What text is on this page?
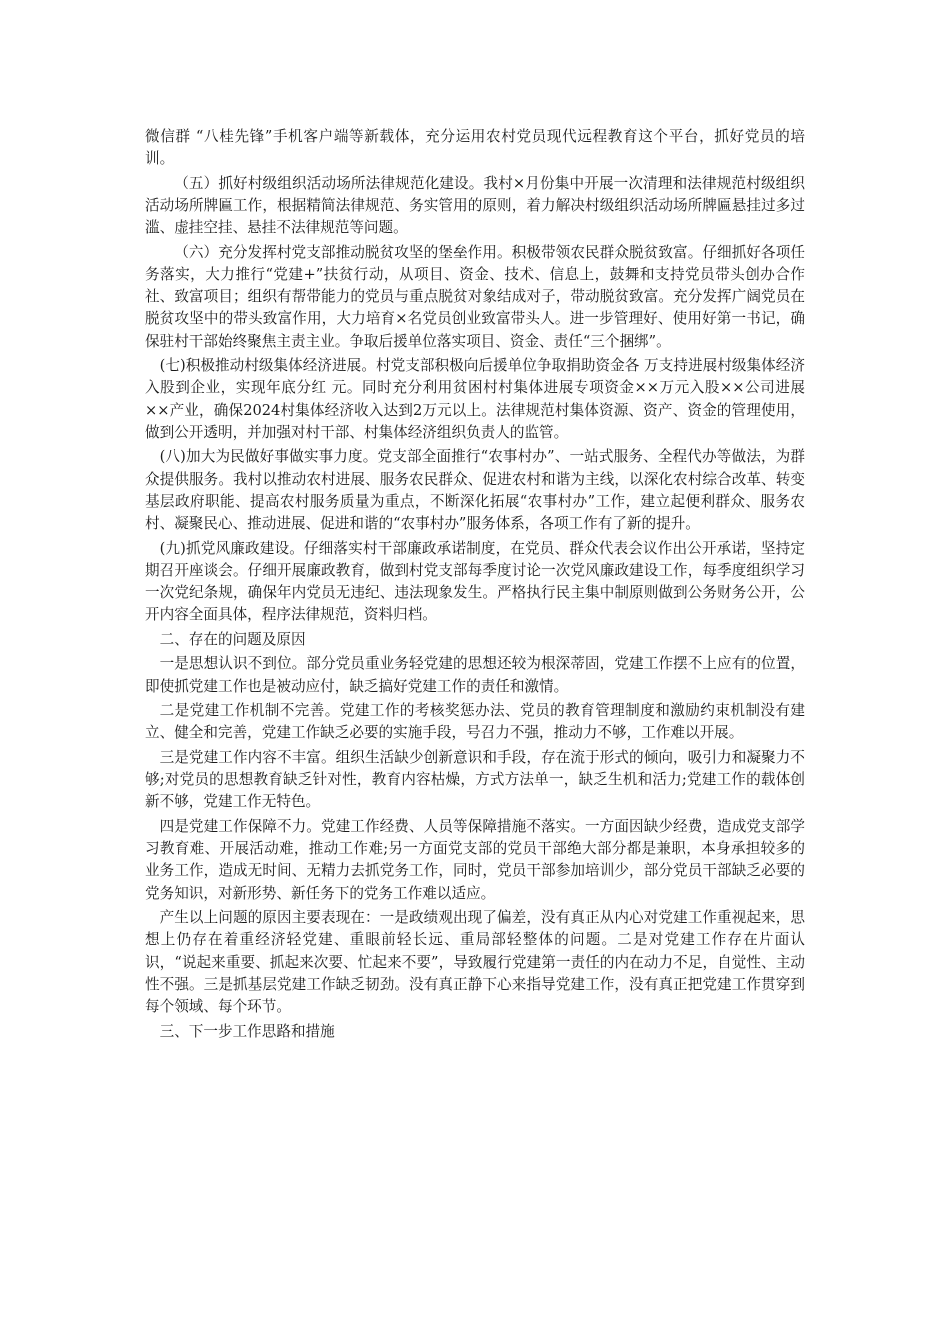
微信群 “八桂先锋”手机客户端等新载体，充分运用农村党员现代远程教育这个平台，抓好党员的培训。

（五）抓好村级组织活动场所法律规范化建设。我村×月份集中开展一次清理和法律规范村级组织活动场所牌匾工作，根据精简法律规范、务实管用的原则，着力解决村级组织活动场所牌匾悬挂过多过滥、虚挂空挂、悬挂不法律规范等问题。

（六）充分发挥村党支部推动脱贫攻坚的堡垒作用。积极带领农民群众脱贫致富。仔细抓好各项任务落实，大力推行“党建+”扶贫行动，从项目、资金、技术、信息上，鼓舞和支持党员带头创办合作社、致富项目；组织有帮带能力的党员与重点脱贫对象结成对子，带动脱贫致富。充分发挥广阔党员在脱贫攻坚中的带头致富作用，大力培育×名党员创业致富带头人。进一步管理好、使用好第一书记，确保驻村干部始终聚焦主责主业。争取后援单位落实项目、资金、责任“三个捆绑”。

(七)积极推动村级集体经济进展。村党支部积极向后援单位争取捐助资金各 万支持进展村级集体经济入股到企业，实现年底分红 元。同时充分利用贫困村村集体进展专项资金××万元入股××公司进展××产业，确保2024村集体经济收入达到2万元以上。法律规范村集体资源、资产、资金的管理使用，做到公开透明，并加强对村干部、村集体经济组织负责人的监管。

(八)加大为民做好事做实事力度。党支部全面推行“农事村办”、一站式服务、全程代办等做法，为群众提供服务。我村以推动农村进展、服务农民群众、促进农村和谐为主线，以深化农村综合改革、转变基层政府职能、提高农村服务质量为重点，不断深化拓展“农事村办”工作，建立起便利群众、服务农村、凝聚民心、推动进展、促进和谐的“农事村办”服务体系，各项工作有了新的提升。

(九)抓党风廉政建设。仔细落实村干部廉政承诺制度，在党员、群众代表会议作出公开承诺，坚持定期召开座谈会。仔细开展廉政教育，做到村党支部每季度讨论一次党风廉政建设工作，每季度组织学习一次党纪条规，确保年内党员无违纪、违法现象发生。严格执行民主集中制原则做到公务财务公开，公开内容全面具体，程序法律规范，资料归档。

二、存在的问题及原因

一是思想认识不到位。部分党员重业务轻党建的思想还较为根深蒂固，党建工作摆不上应有的位置，即使抓党建工作也是被动应付，缺乏搞好党建工作的责任和激情。

二是党建工作机制不完善。党建工作的考核奖惩办法、党员的教育管理制度和激励约束机制没有建立、健全和完善，党建工作缺乏必要的实施手段，号召力不强，推动力不够，工作难以开展。

三是党建工作内容不丰富。组织生活缺少创新意识和手段，存在流于形式的倾向，吸引力和凝聚力不够;对党员的思想教育缺乏针对性，教育内容枯燥，方式方法单一，缺乏生机和活力;党建工作的载体创新不够，党建工作无特色。

四是党建工作保障不力。党建工作经费、人员等保障措施不落实。一方面因缺少经费，造成党支部学习教育难、开展活动难，推动工作难;另一方面党支部的党员干部绝大部分都是兼职，本身承担较多的业务工作，造成无时间、无精力去抓党务工作，同时，党员干部参加培训少，部分党员干部缺乏必要的党务知识，对新形势、新任务下的党务工作难以适应。

产生以上问题的原因主要表现在：一是政绩观出现了偏差，没有真正从内心对党建工作重视起来，思想上仍存在着重经济轻党建、重眼前轻长远、重局部轻整体的问题。二是对党建工作存在片面认识，“说起来重要、抓起来次要、忙起来不要”，导致履行党建第一责任的内在动力不足，自觉性、主动性不强。三是抓基层党建工作缺乏韧劲。没有真正静下心来指导党建工作，没有真正把党建工作贯穿到每个领域、每个环节。

三、下一步工作思路和措施
